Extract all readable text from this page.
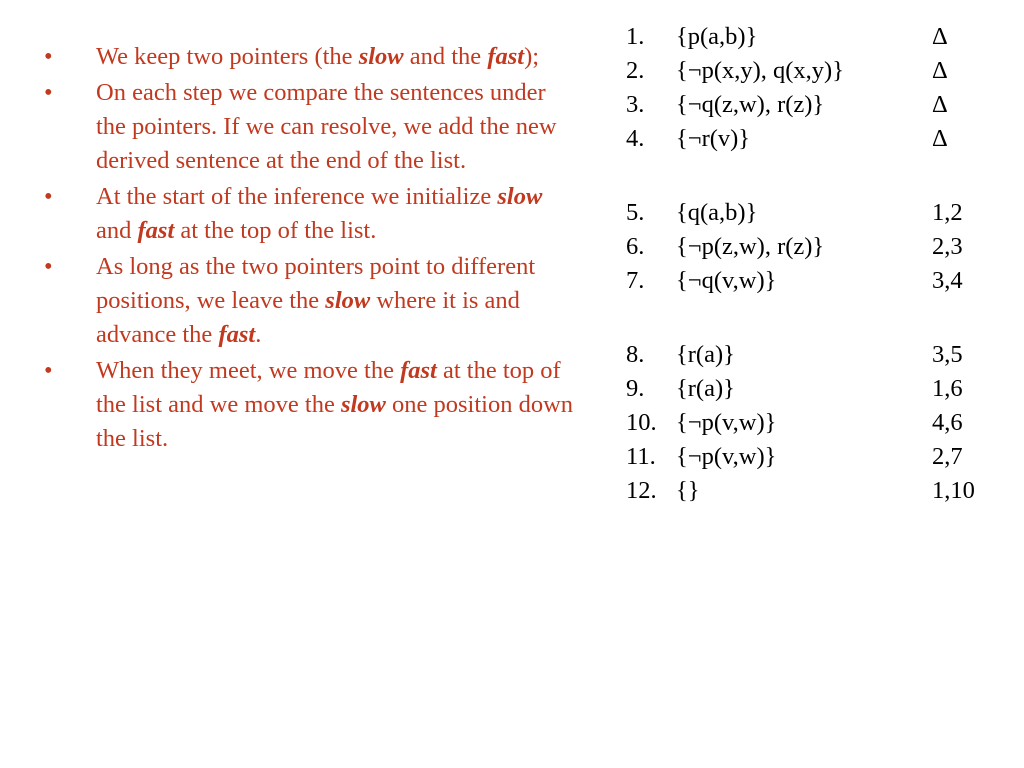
• We keep two pointers (the slow and the fast);
• On each step we compare the sentences under the pointers. If we can resolve, we add the new derived sentence at the end of the list.
• At the start of the inference we initialize slow and fast at the top of the list.
• As long as the two pointers point to different positions, we leave the slow where it is and advance the fast.
• When they meet, we move the fast at the top of the list and we move the slow one position down the list.
1. {p(a,b)}	Δ
2. {¬p(x,y), q(x,y)}	Δ
3. {¬q(z,w), r(z)}	Δ
4. {¬r(v)}	Δ
5. {q(a,b)}	1,2
6. {¬p(z,w), r(z)}	2,3
7. {¬q(v,w)}	3,4
8. {r(a)}	3,5
9. {r(a)}	1,6
10. {¬p(v,w)}	4,6
11. {¬p(v,w)}	2,7
12. {}	1,10
